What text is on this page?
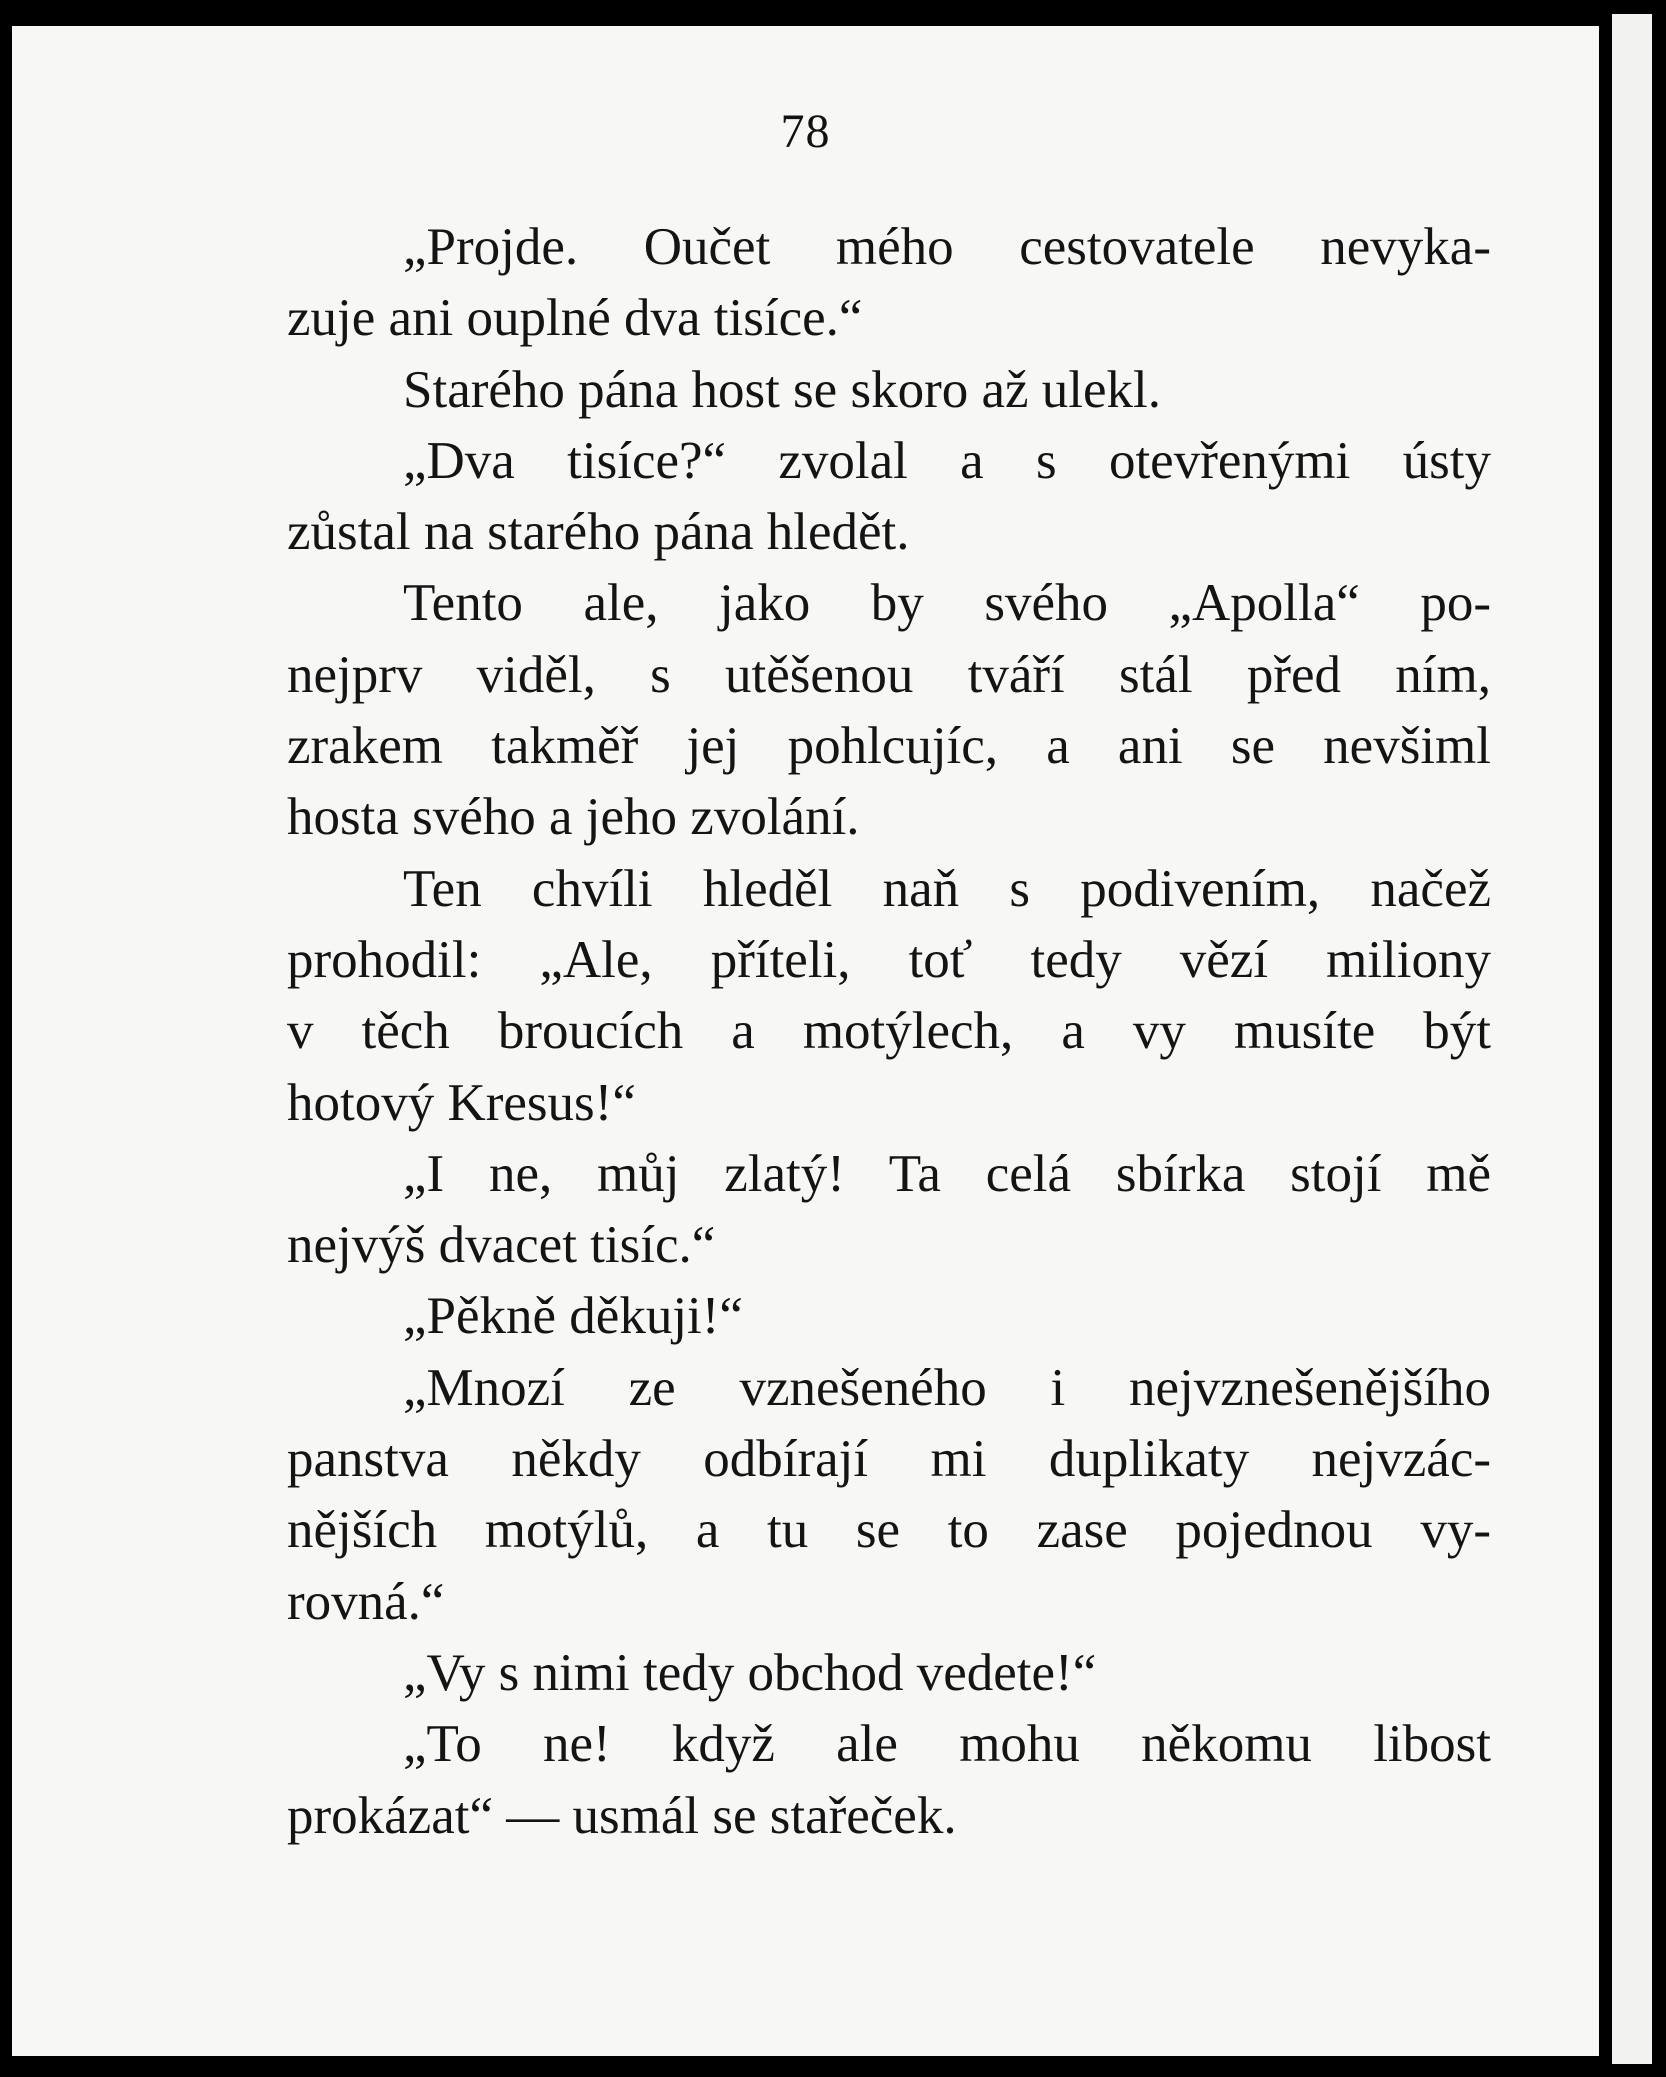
78
„Projde. Oučet mého cestovatele nevyka-
zuje ani ouplné dva tisíce.“
Starého pána host se skoro až ulekl.
„Dva tisíce?“ zvolal a s otevřenými ústy
zůstal na starého pána hledět.
Tento ale, jako by svého „Apolla“ po-
nejprv viděl, s utěšenou tváří stál před ním,
zrakem takměř jej pohlcujíc, a ani se nevšiml
hosta svého a jeho zvolání.
Ten chvíli hleděl naň s podivením, načež
prohodil: „Ale, příteli, toť tedy vězí miliony
v těch broucích a motýlech, a vy musíte být
hotový Kresus!“
„I ne, můj zlatý! Ta celá sbírka stojí mě
nejvýš dvacet tisíc.“
„Pěkně děkuji!“
„Mnozí ze vznešeného i nejvznešenějšího
panstva někdy odbírají mi duplikaty nejvzác-
nějších motýlů, a tu se to zase pojednou vy-
rovná.“
„Vy s nimi tedy obchod vedete!“
„To ne! když ale mohu někomu libost
prokázat“ — usmál se stařeček.
